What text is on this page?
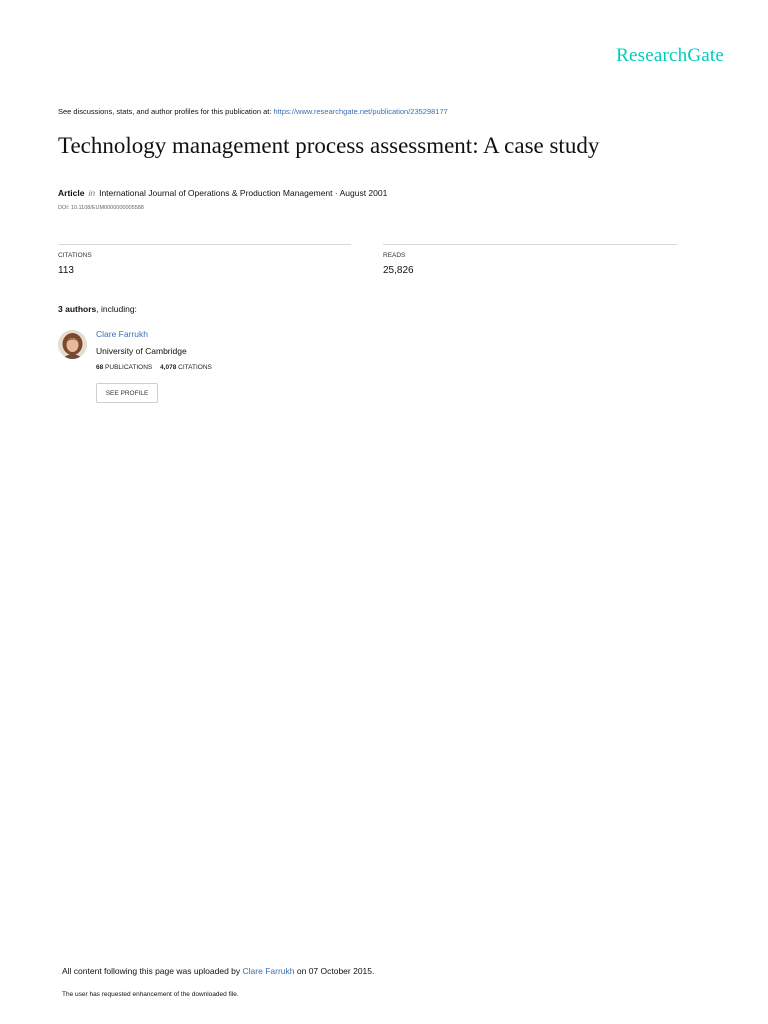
ResearchGate
See discussions, stats, and author profiles for this publication at: https://www.researchgate.net/publication/235298177
Technology management process assessment: A case study
Article in International Journal of Operations & Production Management · August 2001
DOI: 10.1108/EUM0000000005588
CITATIONS
113
READS
25,826
3 authors, including:
Clare Farrukh
University of Cambridge
68 PUBLICATIONS 4,078 CITATIONS
SEE PROFILE
All content following this page was uploaded by Clare Farrukh on 07 October 2015.
The user has requested enhancement of the downloaded file.
